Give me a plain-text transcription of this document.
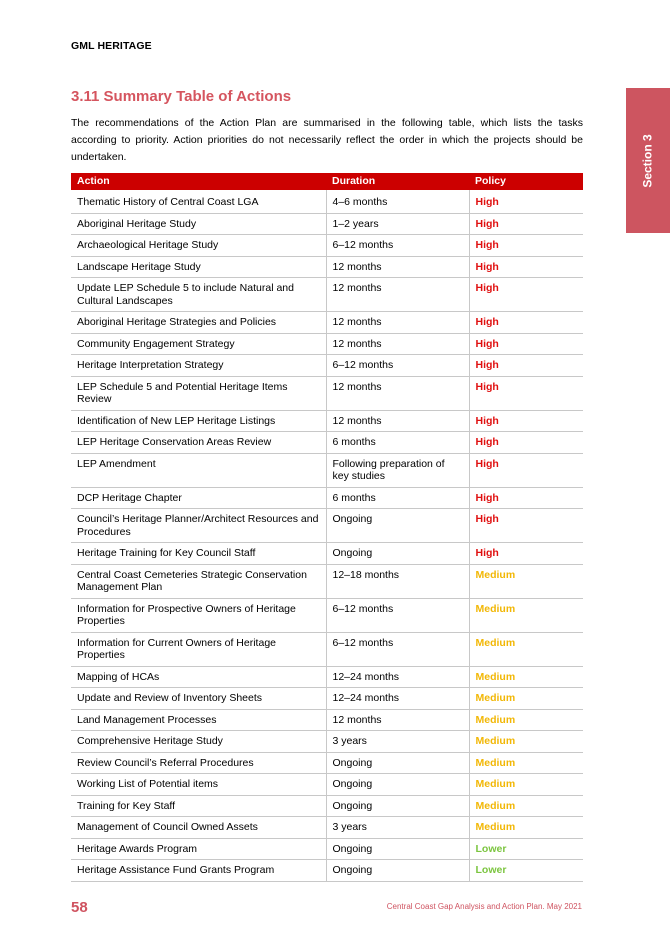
GML HERITAGE
Section 3
3.11 Summary Table of Actions

The recommendations of the Action Plan are summarised in the following table, which lists the tasks according to priority. Action priorities do not necessarily reflect the order in which the projects should be undertaken.

Action	Duration	Policy
Thematic History of Central Coast LGA	4–6 months	High
Aboriginal Heritage Study	1–2 years	High
Archaeological Heritage Study	6–12 months	High
Landscape Heritage Study	12 months	High
Update LEP Schedule 5 to include Natural and Cultural Landscapes	12 months	High
Aboriginal Heritage Strategies and Policies	12 months	High
Community Engagement Strategy	12 months	High
Heritage Interpretation Strategy	6–12 months	High
LEP Schedule 5 and Potential Heritage Items Review	12 months	High
Identification of New LEP Heritage Listings	12 months	High
LEP Heritage Conservation Areas Review	6 months	High
LEP Amendment	Following preparation of key studies	High
DCP Heritage Chapter	6 months	High
Council’s Heritage Planner/Architect Resources and Procedures	Ongoing	High
Heritage Training for Key Council Staff	Ongoing	High
Central Coast Cemeteries Strategic Conservation Management Plan	12–18 months	Medium
Information for Prospective Owners of Heritage Properties	6–12 months	Medium
Information for Current Owners of Heritage Properties	6–12 months	Medium
Mapping of HCAs	12–24 months	Medium
Update and Review of Inventory Sheets	12–24 months	Medium
Land Management Processes	12 months	Medium
Comprehensive Heritage Study	3 years	Medium
Review Council’s Referral Procedures	Ongoing	Medium
Working List of Potential items	Ongoing	Medium
Training for Key Staff	Ongoing	Medium
Management of Council Owned Assets	3 years	Medium
Heritage Awards Program	Ongoing	Lower
Heritage Assistance Fund Grants Program	Ongoing	Lower
58	Central Coast Gap Analysis and Action Plan. May 2021
